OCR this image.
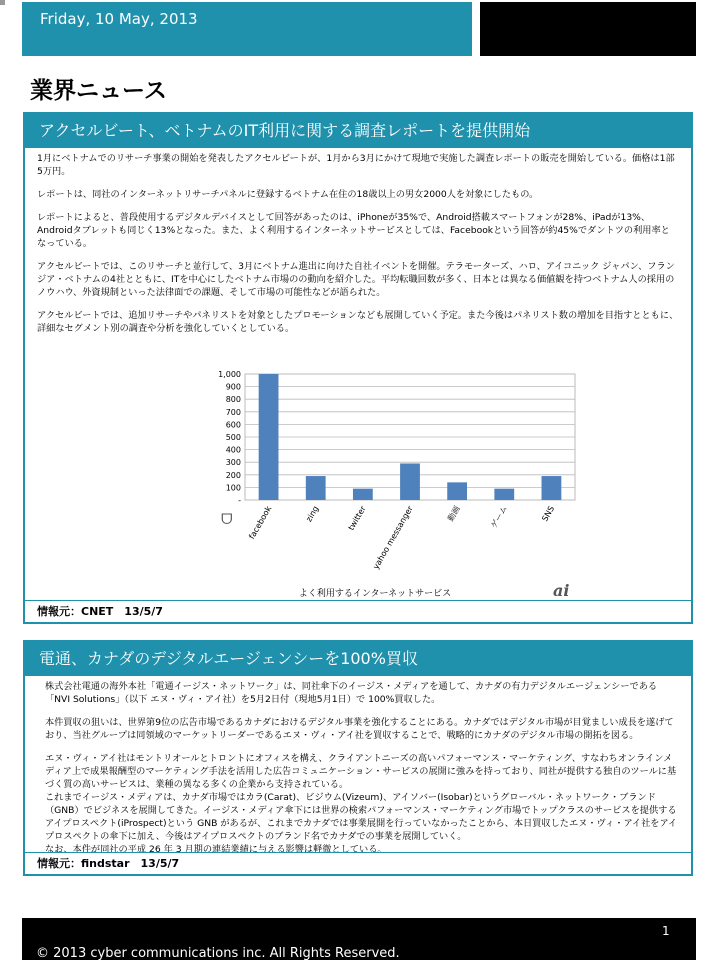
Friday, 10 May, 2013
業界ニュース
アクセルビート、ベトナムのIT利用に関する調査レポートを提供開始

1月にベトナムでのリサーチ事業の開始を発表したアクセルビートが、1月から3月にかけて現地で実施した調査レポートの販売を開始している。価格は1部5万円。

レポートは、同社のインターネットリサーチパネルに登録するベトナム在住の18歳以上の男女2000人を対象にしたもの。

レポートによると、普段使用するデジタルデバイスとして回答があったのは、iPhoneが35%で、Android搭載スマートフォンが28%、iPadが13%、Androidタブレットも同じく13%となった。また、よく利用するインターネットサービスとしては、Facebookという回答が約45%でダントツの利用率となっている。

アクセルビートでは、このリサーチと並行して、3月にベトナム進出に向けた自社イベントを開催。テラモーターズ、ハロ、アイコニック ジャパン、フランジア・ベトナムの4社とともに、ITを中心にしたベトナム市場のの動向を紹介した。平均転職回数が多く、日本とは異なる価値観を持つベトナム人の採用のノウハウ、外資規制といった法律面での課題、そして市場の可能性などが語られた。

アクセルビートでは、追加リサーチやパネリストを対象としたプロモーションなども展開していく予定。また今後はパネリスト数の増加を目指すとともに、詳細なセグメント別の調査や分析を強化していくとしている。

-
100
200
300
400
500
600
700
800
900
1,000
facebook	zing	twitter yahoo messanger	動画	ゲーム	SNS
よく利用するインターネットサービス	ai
ᗜ
情報元：CNET　13/5/7
電通、カナダのデジタルエージェンシーを100%買収

株式会社電通の海外本社「電通イージス・ネットワーク」は、同社傘下のイージス・メディアを通して、カナダの有力デジタルエージェンシーである「NVI Solutions」（以下 エヌ・ヴィ・アイ社）を5月2日付（現地5月1日）で 100%買収した。

本件買収の狙いは、世界第9位の広告市場であるカナダにおけるデジタル事業を強化することにある。カナダではデジタル市場が目覚ましい成長を遂げており、当社グループは同領域のマーケットリーダーであるエヌ・ヴィ・アイ社を買収することで、戦略的にカナダのデジタル市場の開拓を図る。

エヌ・ヴィ・アイ社はモントリオールとトロントにオフィスを構え、クライアントニーズの高いパフォーマンス・マーケティング、すなわちオンラインメディア上で成果報酬型のマーケティング手法を活用した広告コミュニケーション・サービスの展開に強みを持っており、同社が提供する独自のツールに基づく質の高いサービスは、業種の異なる多くの企業から支持されている。
これまでイージス・メディアは、カナダ市場ではカラ(Carat)、ビジウム(Vizeum)、アイソバー(Isobar)というグローバル・ネットワーク・ブランド（GNB）でビジネスを展開してきた。イージス・メディア傘下には世界の検索パフォーマンス・マーケティング市場でトップクラスのサービスを提供するアイプロスペクト(iProspect)という GNB があるが、これまでカナダでは事業展開を行っていなかったことから、本日買収したエヌ・ヴィ・アイ社をアイプロスペクトの傘下に加え、今後はアイプロスペクトのブランド名でカナダでの事業を展開していく。
なお、本件が同社の平成 26 年 3 月期の連結業績に与える影響は軽微としている。

情報元：findstar　13/5/7
© 2013 cyber communications inc. All Rights Reserved.
1
